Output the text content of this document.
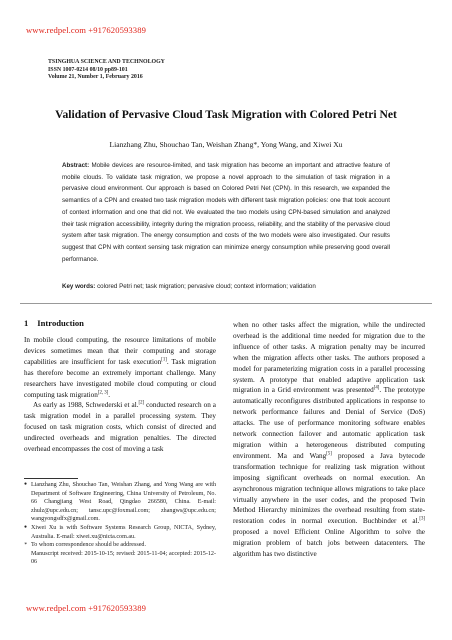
www.redpel.com +917620593389
TSINGHUA SCIENCE AND TECHNOLOGY
ISSN 1007-0214 08/10 pp89-101
Volume 21, Number 1, February 2016
Validation of Pervasive Cloud Task Migration with Colored Petri Net
Lianzhang Zhu, Shouchao Tan, Weishan Zhang*, Yong Wang, and Xiwei Xu
Abstract: Mobile devices are resource-limited, and task migration has become an important and attractive feature of mobile clouds. To validate task migration, we propose a novel approach to the simulation of task migration in a pervasive cloud environment. Our approach is based on Colored Petri Net (CPN). In this research, we expanded the semantics of a CPN and created two task migration models with different task migration policies: one that took account of context information and one that did not. We evaluated the two models using CPN-based simulation and analyzed their task migration accessibility, integrity during the migration process, reliability, and the stability of the pervasive cloud system after task migration. The energy consumption and costs of the two models were also investigated. Our results suggest that CPN with context sensing task migration can minimize energy consumption while preserving good overall performance.
Key words: colored Petri net; task migration; pervasive cloud; context information; validation
1 Introduction

In mobile cloud computing, the resource limitations of mobile devices sometimes mean that their computing and storage capabilities are insufficient for task execution[1]. Task migration has therefore become an extremely important challenge. Many researchers have investigated mobile cloud computing or cloud computing task migration[2, 3].

As early as 1988, Schwederski et al.[2] conducted research on a task migration model in a parallel processing system. They focused on task migration costs, which consist of directed and undirected overheads and migration penalties. The directed overhead encompasses the cost of moving a task

● Lianzhang Zhu, Shouchao Tan, Weishan Zhang, and Yong Wang are with Department of Software Engineering, China University of Petroleum, No. 66 Changjiang West Road, Qingdao 266580, China. E-mail: zhulz@upc.edu.cn; tansc.upc@foxmail.com; zhangws@upc.edu.cn; wangyongsdfx@gmail.com.
● Xiwei Xu is with Software Systems Research Group, NICTA, Sydney, Australia. E-mail: xiwei.xu@nicta.com.au.
∗ To whom correspondence should be addressed.
Manuscript received: 2015-10-15; revised: 2015-11-04; accepted: 2015-12-06

when no other tasks affect the migration, while the undirected overhead is the additional time needed for migration due to the influence of other tasks. A migration penalty may be incurred when the migration affects other tasks. The authors proposed a model for parameterizing migration costs in a parallel processing system. A prototype that enabled adaptive application task migration in a Grid environment was presented[4]. The prototype automatically reconfigures distributed applications in response to network performance failures and Denial of Service (DoS) attacks. The use of performance monitoring software enables network connection failover and automatic application task migration within a heterogeneous distributed computing environment. Ma and Wang[5] proposed a Java bytecode transformation technique for realizing task migration without imposing significant overheads on normal execution. An asynchronous migration technique allows migrations to take place virtually anywhere in the user codes, and the proposed Twin Method Hierarchy minimizes the overhead resulting from state-restoration codes in normal execution. Buchbinder et al.[3] proposed a novel Efficient Online Algorithm to solve the migration problem of batch jobs between datacenters. The algorithm has two distinctive

www.redpel.com +917620593389
